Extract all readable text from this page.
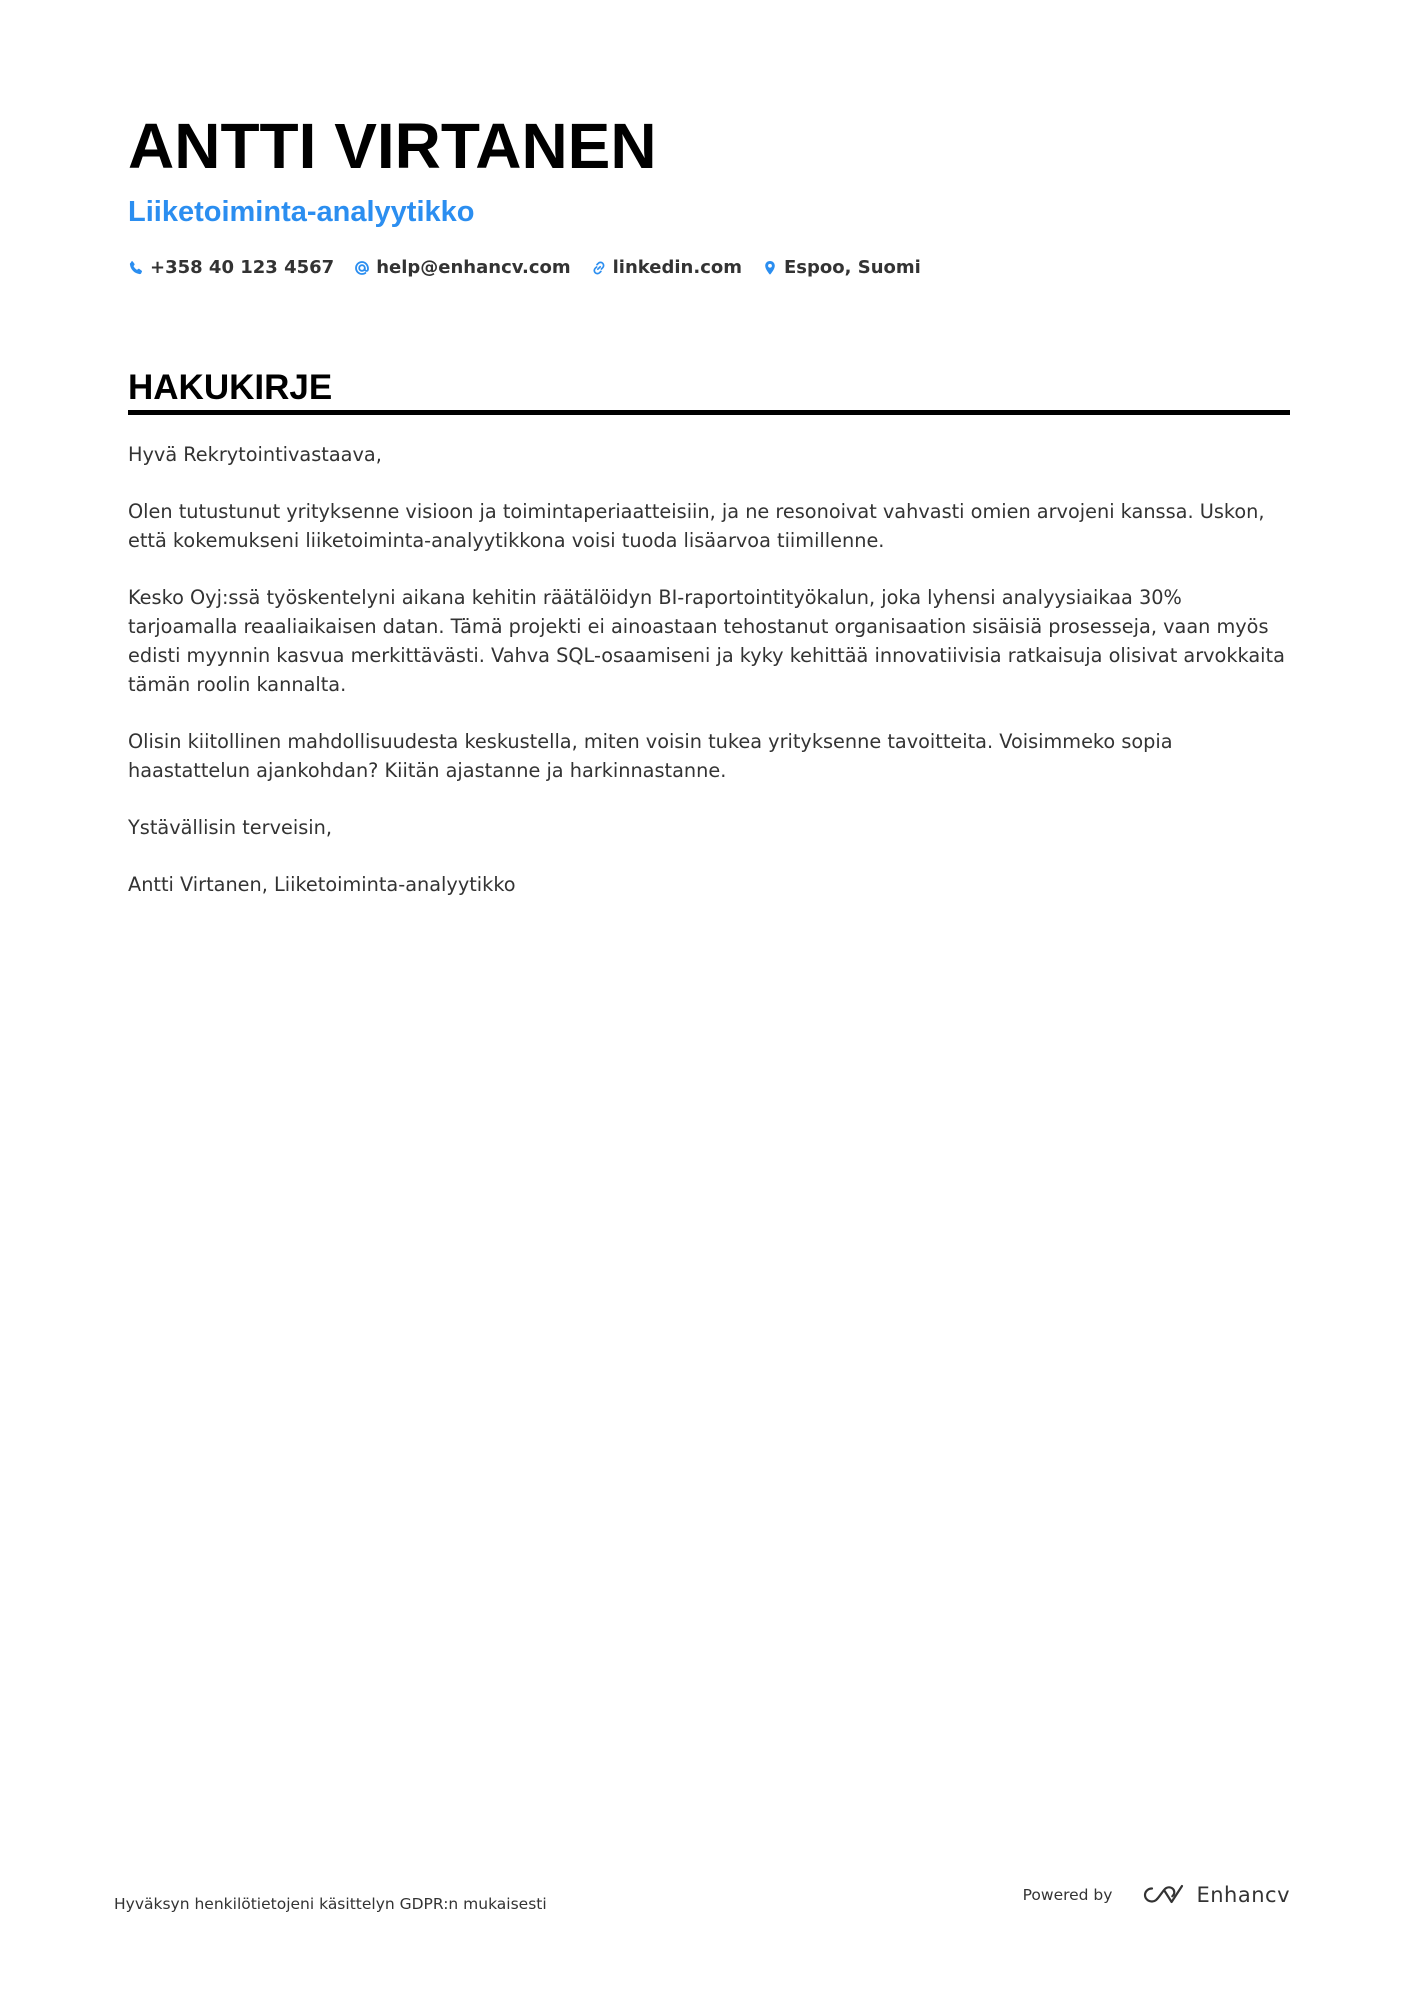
ANTTI VIRTANEN
Liiketoiminta-analyytikko
+358 40 123 4567 help@enhancv.com linkedin.com Espoo, Suomi
HAKUKIRJE

Hyvä Rekrytointivastaava,

Olen tutustunut yrityksenne visioon ja toimintaperiaatteisiin, ja ne resonoivat vahvasti omien arvojeni kanssa. Uskon, että kokemukseni liiketoiminta-analyytikkona voisi tuoda lisäarvoa tiimillenne.

Kesko Oyj:ssä työskentelyni aikana kehitin räätälöidyn BI-raportointityökalun, joka lyhensi analyysiaikaa 30% tarjoamalla reaaliaikaisen datan. Tämä projekti ei ainoastaan tehostanut organisaation sisäisiä prosesseja, vaan myös edisti myynnin kasvua merkittävästi. Vahva SQL-osaamiseni ja kyky kehittää innovatiivisia ratkaisuja olisivat arvokkaita tämän roolin kannalta.

Olisin kiitollinen mahdollisuudesta keskustella, miten voisin tukea yrityksenne tavoitteita. Voisimmeko sopia haastattelun ajankohdan? Kiitän ajastanne ja harkinnastanne.

Ystävällisin terveisin,

Antti Virtanen, Liiketoiminta-analyytikko

Hyväksyn henkilötietojeni käsittelyn GDPR:n mukaisesti	Powered by	Enhancv
